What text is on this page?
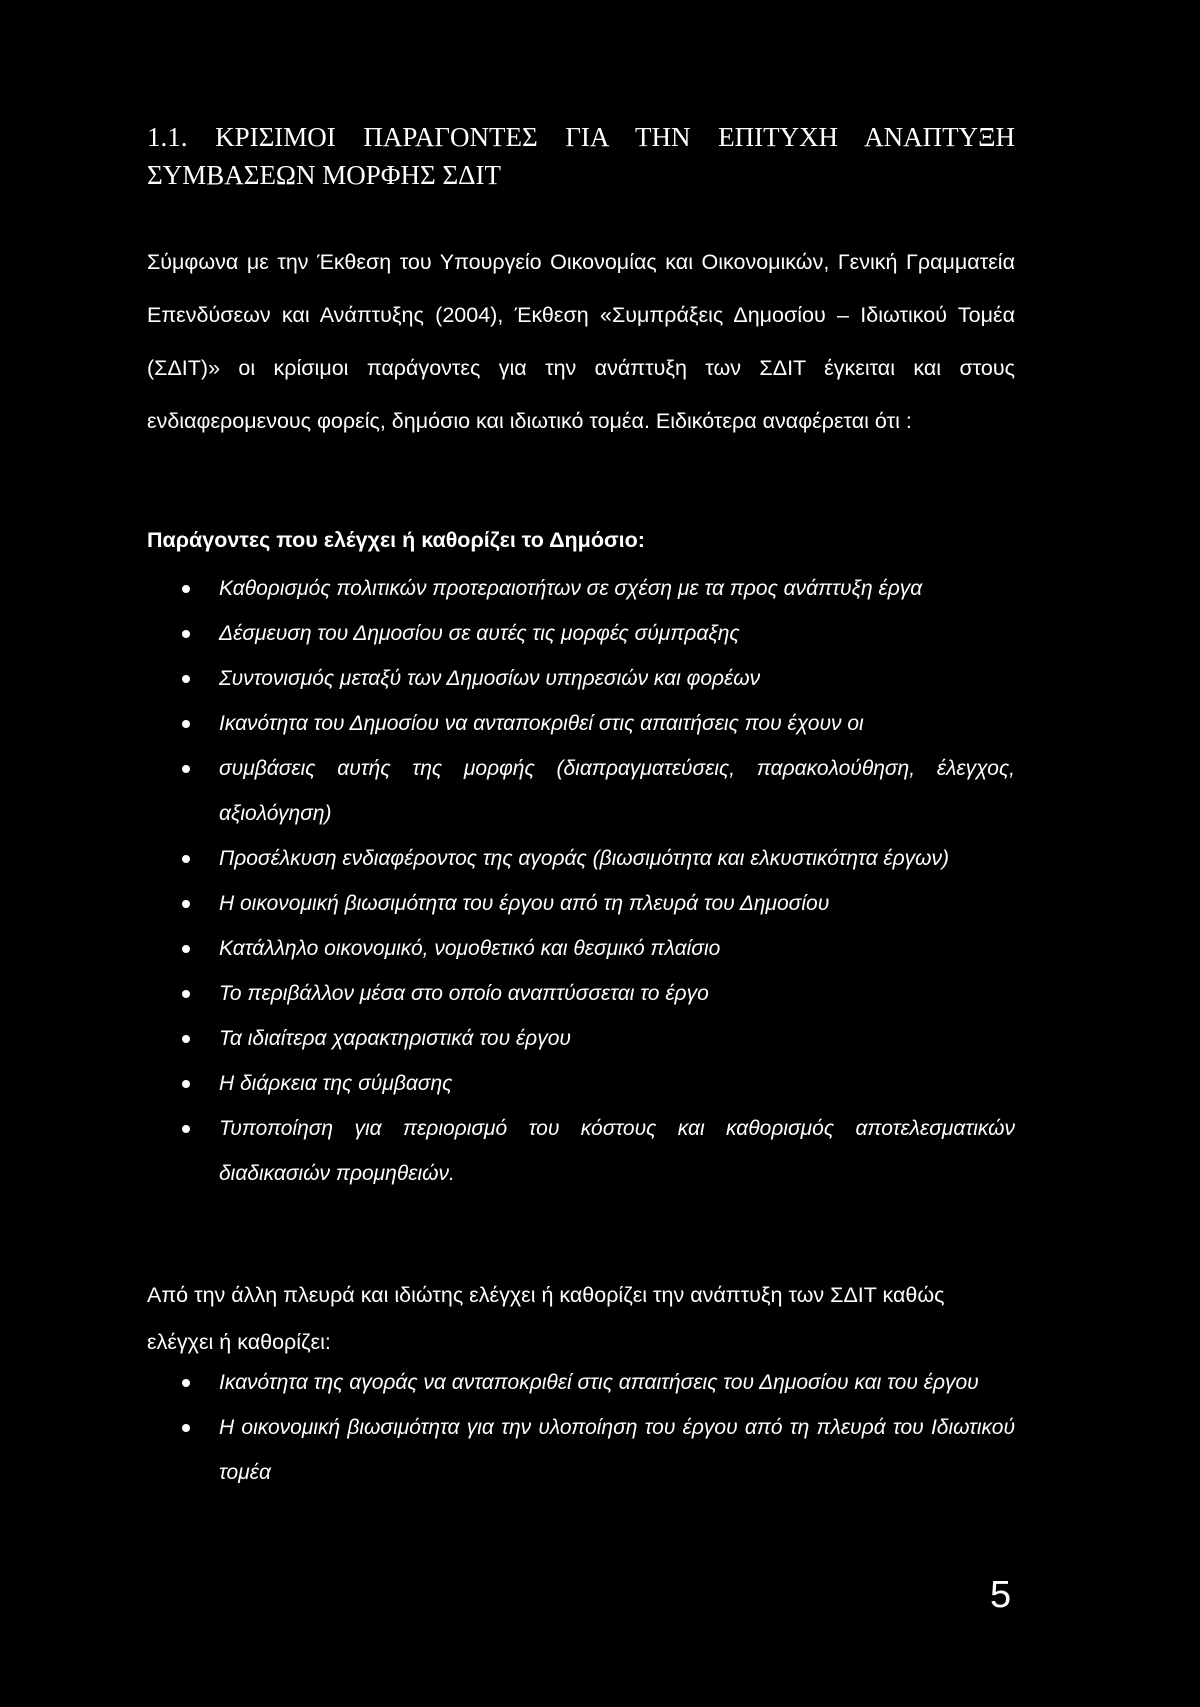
1.1. ΚΡΙΣΙΜΟΙ ΠΑΡΑΓΟΝΤΕΣ ΓΙΑ ΤΗΝ ΕΠΙΤΥΧΗ ΑΝΑΠΤΥΞΗ ΣΥΜΒΑΣΕΩΝ ΜΟΡΦΗΣ ΣΔΙΤ

Σύμφωνα με την Έκθεση του Υπουργείο Οικονομίας και Οικονομικών, Γενική Γραμματεία Επενδύσεων και Ανάπτυξης (2004), Έκθεση «Συμπράξεις Δημοσίου – Ιδιωτικού Τομέα (ΣΔΙΤ)» οι κρίσιμοι παράγοντες για την ανάπτυξη των ΣΔΙΤ έγκειται και στους ενδιαφερομενους φορείς, δημόσιο και ιδιωτικό τομέα. Ειδικότερα αναφέρεται ότι :

Παράγοντες που ελέγχει ή καθορίζει το Δημόσιο:

Καθορισμός πολιτικών προτεραιοτήτων σε σχέση με τα προς ανάπτυξη έργα
Δέσμευση του Δημοσίου σε αυτές τις μορφές σύμπραξης
Συντονισμός μεταξύ των Δημοσίων υπηρεσιών και φορέων
Ικανότητα του Δημοσίου να ανταποκριθεί στις απαιτήσεις που έχουν οι
συμβάσεις αυτής της μορφής (διαπραγματεύσεις, παρακολούθηση, έλεγχος, αξιολόγηση)
Προσέλκυση ενδιαφέροντος της αγοράς (βιωσιμότητα και ελκυστικότητα έργων)
Η οικονομική βιωσιμότητα του έργου από τη πλευρά του Δημοσίου
Κατάλληλο οικονομικό, νομοθετικό και θεσμικό πλαίσιο
Το περιβάλλον μέσα στο οποίο αναπτύσσεται το έργο
Τα ιδιαίτερα χαρακτηριστικά του έργου
Η διάρκεια της σύμβασης
Τυποποίηση για περιορισμό του κόστους και καθορισμός αποτελεσματικών διαδικασιών προμηθειών.

Από την άλλη πλευρά και ιδιώτης ελέγχει ή καθορίζει την ανάπτυξη των ΣΔΙΤ καθώς ελέγχει ή καθορίζει:

Ικανότητα της αγοράς να ανταποκριθεί στις απαιτήσεις του Δημοσίου και του έργου
Η οικονομική βιωσιμότητα για την υλοποίηση του έργου από τη πλευρά του Ιδιωτικού τομέα
5
